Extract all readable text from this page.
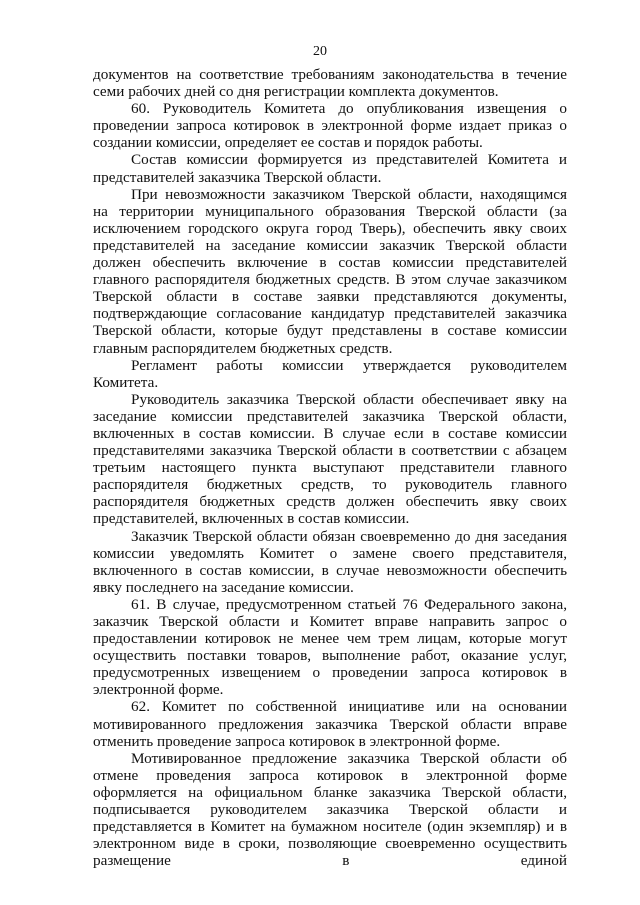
20

документов на соответствие требованиям законодательства в течение семи рабочих дней со дня регистрации комплекта документов.

60. Руководитель Комитета до опубликования извещения о проведении запроса котировок в электронной форме издает приказ о создании комиссии, определяет ее состав и порядок работы.

Состав комиссии формируется из представителей Комитета и представителей заказчика Тверской области.

При невозможности заказчиком Тверской области, находящимся на территории муниципального образования Тверской области (за исключением городского округа город Тверь), обеспечить явку своих представителей на заседание комиссии заказчик Тверской области должен обеспечить включение в состав комиссии представителей главного распорядителя бюджетных средств. В этом случае заказчиком Тверской области в составе заявки представляются документы, подтверждающие согласование кандидатур представителей заказчика Тверской области, которые будут представлены в составе комиссии главным распорядителем бюджетных средств.

Регламент работы комиссии утверждается руководителем Комитета.

Руководитель заказчика Тверской области обеспечивает явку на заседание комиссии представителей заказчика Тверской области, включенных в состав комиссии. В случае если в составе комиссии представителями заказчика Тверской области в соответствии с абзацем третьим настоящего пункта выступают представители главного распорядителя бюджетных средств, то руководитель главного распорядителя бюджетных средств должен обеспечить явку своих представителей, включенных в состав комиссии.

Заказчик Тверской области обязан своевременно до дня заседания комиссии уведомлять Комитет о замене своего представителя, включенного в состав комиссии, в случае невозможности обеспечить явку последнего на заседание комиссии.

61. В случае, предусмотренном статьей 76 Федерального закона, заказчик Тверской области и Комитет вправе направить запрос о предоставлении котировок не менее чем трем лицам, которые могут осуществить поставки товаров, выполнение работ, оказание услуг, предусмотренных извещением о проведении запроса котировок в электронной форме.

62. Комитет по собственной инициативе или на основании мотивированного предложения заказчика Тверской области вправе отменить проведение запроса котировок в электронной форме.

Мотивированное предложение заказчика Тверской области об отмене проведения запроса котировок в электронной форме оформляется на официальном бланке заказчика Тверской области, подписывается руководителем заказчика Тверской области и представляется в Комитет на бумажном носителе (один экземпляр) и в электронном виде в сроки, позволяющие своевременно осуществить размещение в единой
